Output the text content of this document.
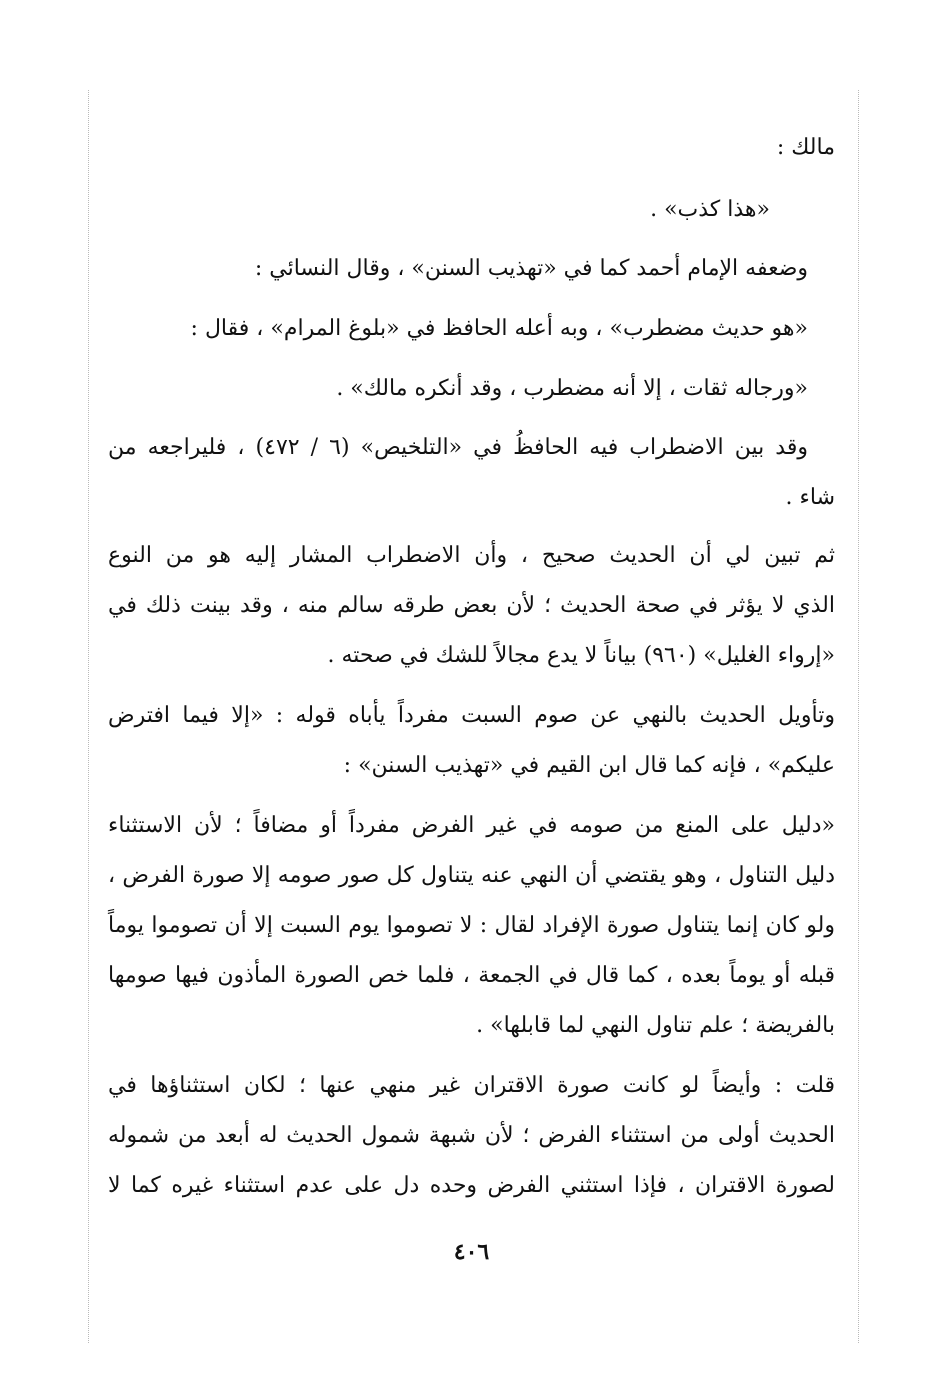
مالك :
«هذا كذب» .
وضعفه الإمام أحمد كما في «تهذيب السنن» ، وقال النسائي :
«هو حديث مضطرب» ، وبه أعله الحافظ في «بلوغ المرام» ، فقال :
«ورجاله ثقات ، إلا أنه مضطرب ، وقد أنكره مالك» .
وقد بين الاضطراب فيه الحافظُ في «التلخيص» (٦ / ٤٧٢) ، فليراجعه من
شاء .
ثم تبين لي أن الحديث صحيح ، وأن الاضطراب المشار إليه هو من النوع
الذي لا يؤثر في صحة الحديث ؛ لأن بعض طرقه سالم منه ، وقد بينت ذلك في
«إرواء الغليل» (٩٦٠) بياناً لا يدع مجالاً للشك في صحته .
وتأويل الحديث بالنهي عن صوم السبت مفرداً يأباه قوله : «إلا فيما افترض
عليكم» ، فإنه كما قال ابن القيم في «تهذيب السنن» :
«دليل على المنع من صومه في غير الفرض مفرداً أو مضافاً ؛ لأن الاستثناء
دليل التناول ، وهو يقتضي أن النهي عنه يتناول كل صور صومه إلا صورة الفرض ،
ولو كان إنما يتناول صورة الإفراد لقال : لا تصوموا يوم السبت إلا أن تصوموا يوماً
قبله أو يوماً بعده ، كما قال في الجمعة ، فلما خص الصورة المأذون فيها صومها
بالفريضة ؛ علم تناول النهي لما قابلها» .
قلت : وأيضاً لو كانت صورة الاقتران غير منهي عنها ؛ لكان استثناؤها في
الحديث أولى من استثناء الفرض ؛ لأن شبهة شمول الحديث له أبعد من شموله
لصورة الاقتران ، فإذا استثني الفرض وحده دل على عدم استثناء غيره كما لا
٤٠٦
